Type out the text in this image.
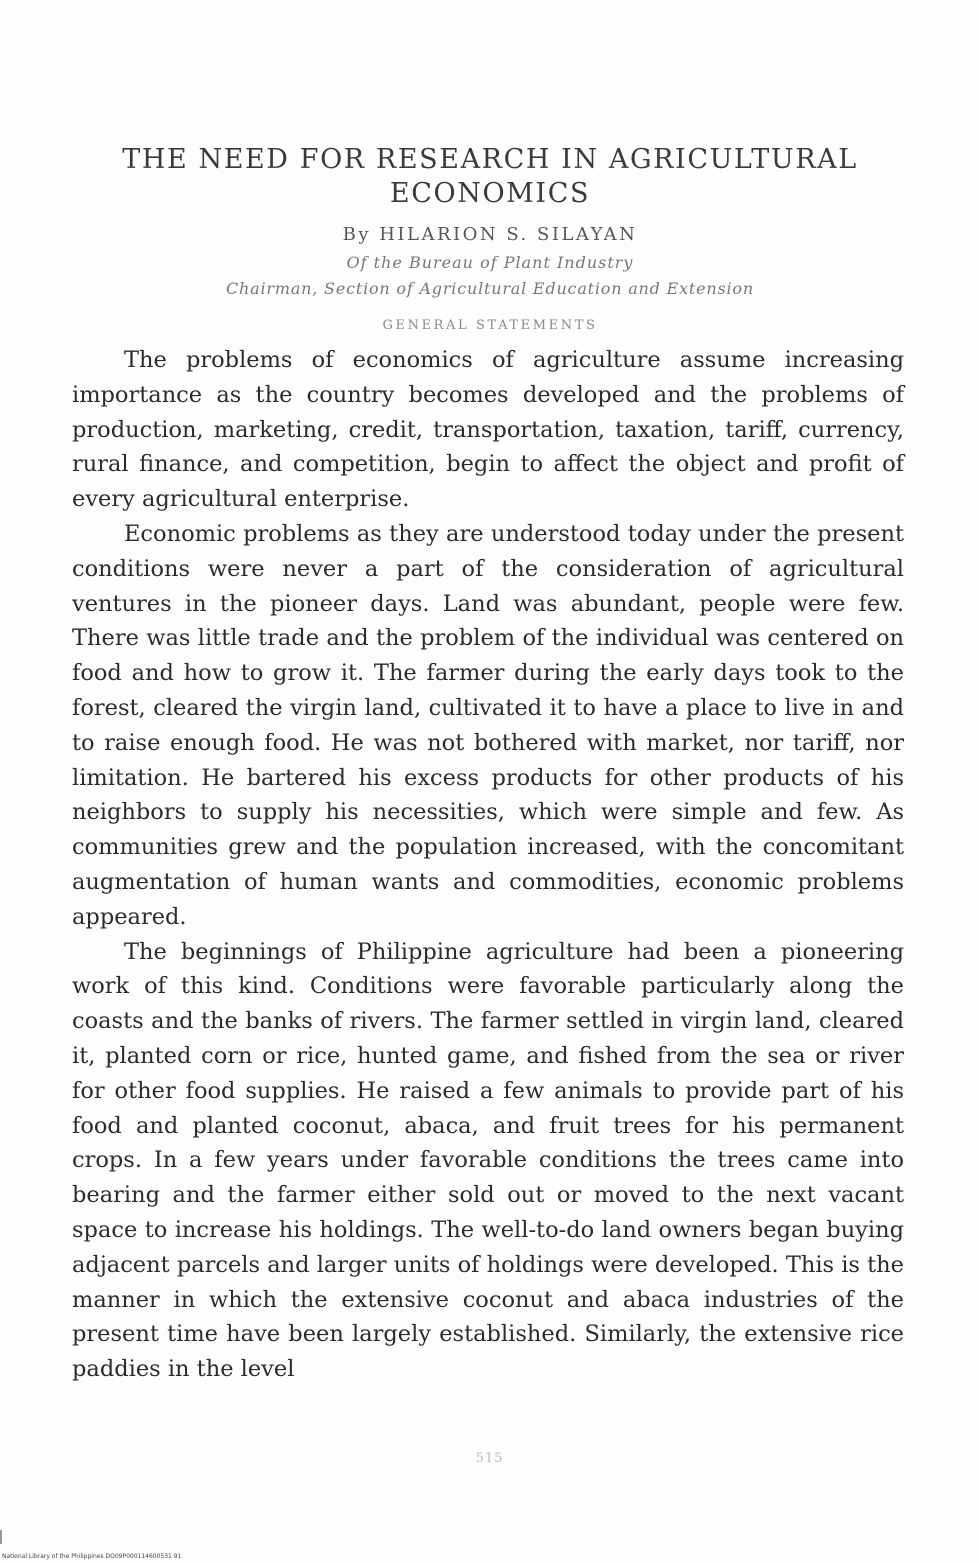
THE NEED FOR RESEARCH IN AGRICULTURAL
ECONOMICS
By HILARION S. SILAYAN
Of the Bureau of Plant Industry
Chairman, Section of Agricultural Education and Extension
GENERAL STATEMENTS

The problems of economics of agriculture assume increasing importance as the country becomes developed and the problems of production, marketing, credit, transportation, taxation, tariff, currency, rural finance, and competition, begin to affect the object and profit of every agricultural enterprise.

Economic problems as they are understood today under the present conditions were never a part of the consideration of agricultural ventures in the pioneer days. Land was abundant, people were few. There was little trade and the problem of the individual was centered on food and how to grow it. The farmer during the early days took to the forest, cleared the virgin land, cultivated it to have a place to live in and to raise enough food. He was not bothered with market, nor tariff, nor limitation. He bartered his excess products for other products of his neighbors to supply his necessities, which were simple and few. As communities grew and the population increased, with the concomitant augmentation of human wants and commodities, economic problems appeared.

The beginnings of Philippine agriculture had been a pioneering work of this kind. Conditions were favorable particularly along the coasts and the banks of rivers. The farmer settled in virgin land, cleared it, planted corn or rice, hunted game, and fished from the sea or river for other food supplies. He raised a few animals to provide part of his food and planted coconut, abaca, and fruit trees for his permanent crops. In a few years under favorable conditions the trees came into bearing and the farmer either sold out or moved to the next vacant space to increase his holdings. The well-to-do land owners began buying adjacent parcels and larger units of holdings were developed. This is the manner in which the extensive coconut and abaca industries of the present time have been largely established. Similarly, the extensive rice paddies in the level

515
National Library of the Philippines DO09P000114600531 91
